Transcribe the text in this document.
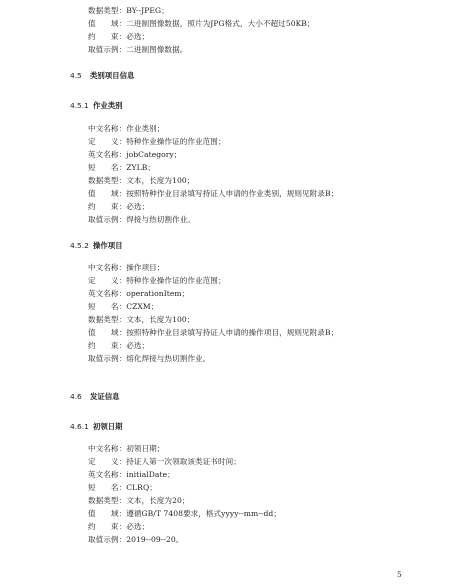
数据类型：BY--JPEG；
值　　域：二进制图像数据，照片为JPG格式，大小不超过50KB；
约　　束：必选；
取值示例：二进制图像数据。
4.5 类别项目信息
4.5.1 作业类别
中文名称：作业类别；
定　　义：特种作业操作证的作业范围；
英文名称：jobCategory；
短　　名：ZYLB；
数据类型：文本，长度为100；
值　　域：按照特种作业目录填写持证人申请的作业类别，规则见附录B；
约　　束：必选；
取值示例：焊接与热切割作业。
4.5.2 操作项目
中文名称：操作项目；
定　　义：特种作业操作证的作业范围；
英文名称：operationItem；
短　　名：CZXM；
数据类型：文本，长度为100；
值　　域：按照特种作业目录填写持证人申请的操作项目，规则见附录B；
约　　束：必选；
取值示例：熔化焊接与热切割作业。
4.6 发证信息
4.6.1 初领日期
中文名称：初领日期；
定　　义：持证人第一次领取该类证书时间；
英文名称：initialDate；
短　　名：CLRQ；
数据类型：文本，长度为20；
值　　域：遵循GB/T 7408要求，格式yyyy--mm--dd；
约　　束：必选；
取值示例：2019--09--20。
5
